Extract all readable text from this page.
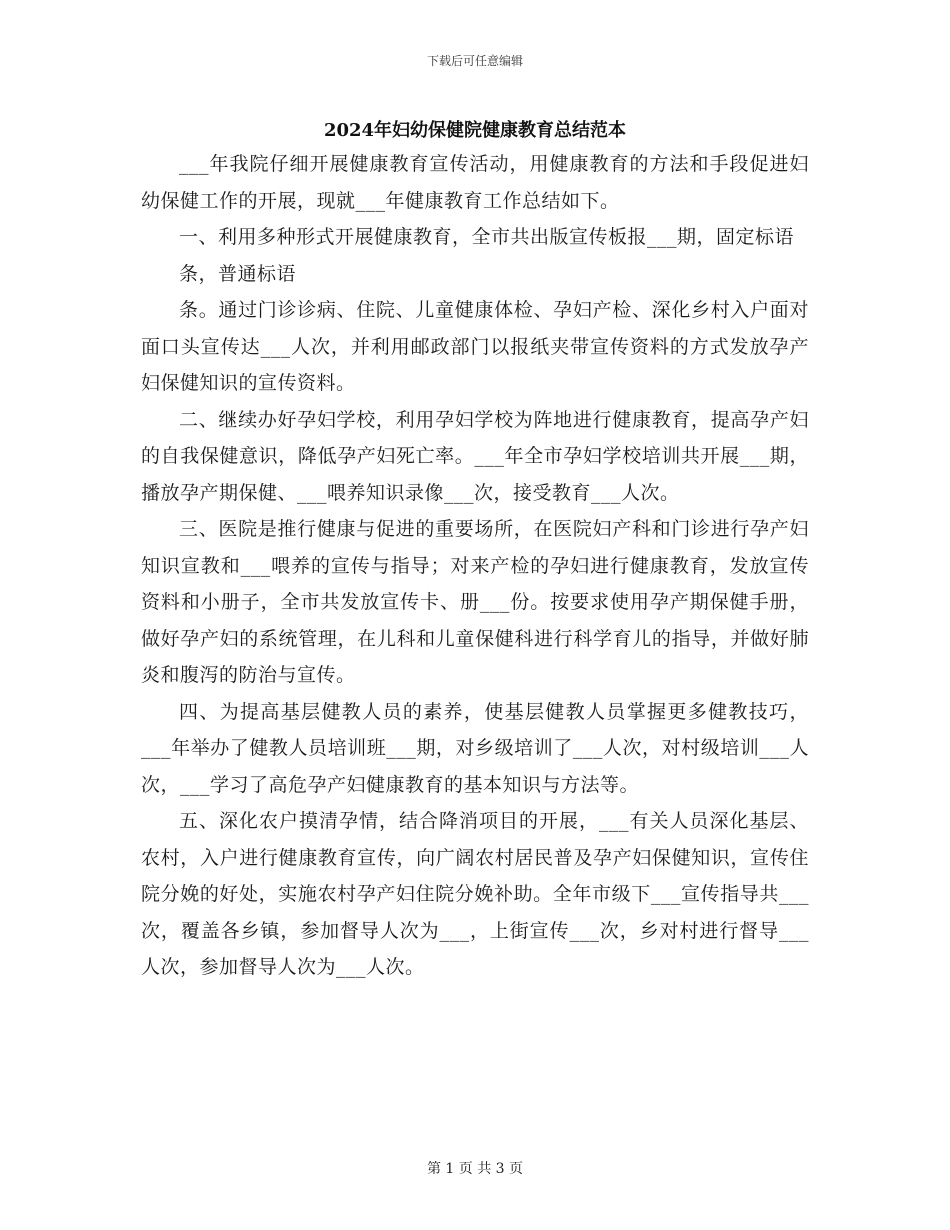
下载后可任意编辑
2024年妇幼保健院健康教育总结范本

___年我院仔细开展健康教育宣传活动，用健康教育的方法和手段促进妇幼保健工作的开展，现就___年健康教育工作总结如下。

一、利用多种形式开展健康教育，全市共出版宣传板报___期，固定标语

条，普通标语

条。通过门诊诊病、住院、儿童健康体检、孕妇产检、深化乡村入户面对面口头宣传达___人次，并利用邮政部门以报纸夹带宣传资料的方式发放孕产妇保健知识的宣传资料。

二、继续办好孕妇学校，利用孕妇学校为阵地进行健康教育，提高孕产妇的自我保健意识，降低孕产妇死亡率。___年全市孕妇学校培训共开展___期，播放孕产期保健、___喂养知识录像___次，接受教育___人次。

三、医院是推行健康与促进的重要场所，在医院妇产科和门诊进行孕产妇知识宣教和___喂养的宣传与指导；对来产检的孕妇进行健康教育，发放宣传资料和小册子，全市共发放宣传卡、册___份。按要求使用孕产期保健手册，做好孕产妇的系统管理，在儿科和儿童保健科进行科学育儿的指导，并做好肺炎和腹泻的防治与宣传。

四、为提高基层健教人员的素养，使基层健教人员掌握更多健教技巧，___年举办了健教人员培训班___期，对乡级培训了___人次，对村级培训___人次，___学习了高危孕产妇健康教育的基本知识与方法等。

五、深化农户摸清孕情，结合降消项目的开展，___有关人员深化基层、农村，入户进行健康教育宣传，向广阔农村居民普及孕产妇保健知识，宣传住院分娩的好处，实施农村孕产妇住院分娩补助。全年市级下___宣传指导共___次，覆盖各乡镇，参加督导人次为___，上街宣传___次，乡对村进行督导___人次，参加督导人次为___人次。

第 1 页 共 3 页
